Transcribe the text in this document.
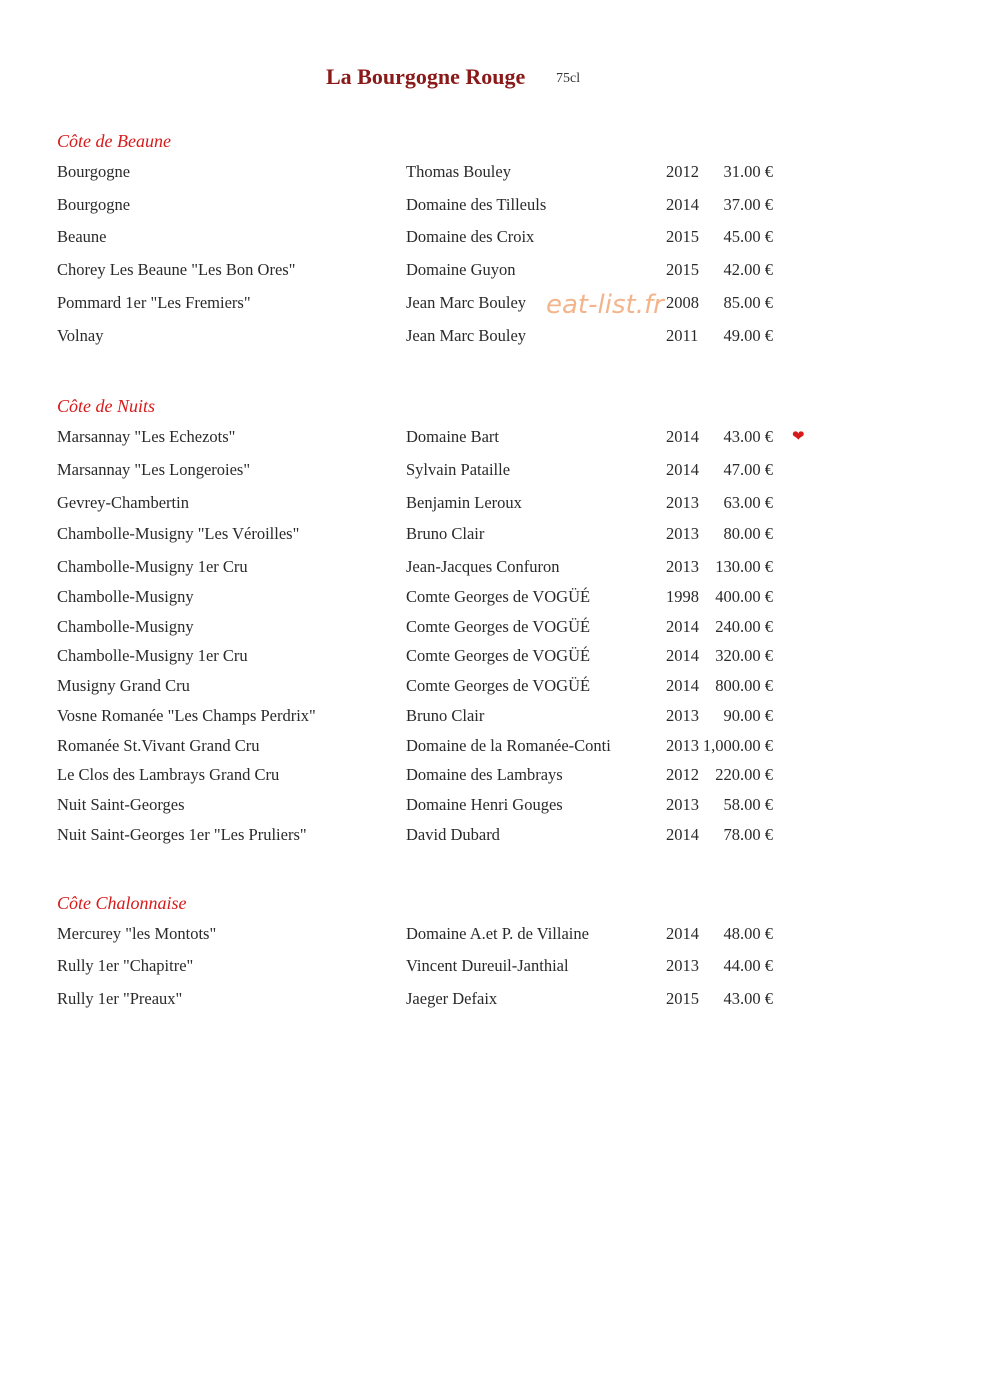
La Bourgogne Rouge 75cl
eat-list.fr
Côte de Beaune
Bourgogne	Thomas Bouley	2012 31.00 €
Bourgogne	Domaine des Tilleuls	2014 37.00 €
Beaune	Domaine des Croix	2015 45.00 €
Chorey Les Beaune "Les Bon Ores"	Domaine Guyon	2015 42.00 €
Pommard 1er "Les Fremiers"	Jean Marc Bouley	2008 85.00 €
Volnay	Jean Marc Bouley	2011 49.00 €
Côte de Nuits
Marsannay "Les Echezots"	Domaine Bart	2014 43.00 € ❤
Marsannay "Les Longeroies"	Sylvain Pataille	2014 47.00 €
Gevrey-Chambertin	Benjamin Leroux	2013 63.00 €
Chambolle-Musigny "Les Véroilles"	Bruno Clair	2013 80.00 €
Chambolle-Musigny 1er Cru	Jean-Jacques Confuron	2013 130.00 €
Chambolle-Musigny	Comte Georges de VOGÜÉ	1998 400.00 €
Chambolle-Musigny	Comte Georges de VOGÜÉ	2014 240.00 €
Chambolle-Musigny 1er Cru	Comte Georges de VOGÜÉ	2014 320.00 €
Musigny Grand Cru	Comte Georges de VOGÜÉ	2014 800.00 €
Vosne Romanée "Les Champs Perdrix"	Bruno Clair	2013 90.00 €
Romanée St.Vivant Grand Cru	Domaine de la Romanée-Conti	2013 1,000.00 €
Le Clos des Lambrays Grand Cru	Domaine des Lambrays	2012 220.00 €
Nuit Saint-Georges	Domaine Henri Gouges	2013 58.00 €
Nuit Saint-Georges 1er "Les Pruliers"	David Dubard	2014 78.00 €
Côte Chalonnaise
Mercurey "les Montots"	Domaine A.et P. de Villaine	2014 48.00 €
Rully 1er "Chapitre"	Vincent Dureuil-Janthial	2013 44.00 €
Rully 1er "Preaux"	Jaeger Defaix	2015 43.00 €
